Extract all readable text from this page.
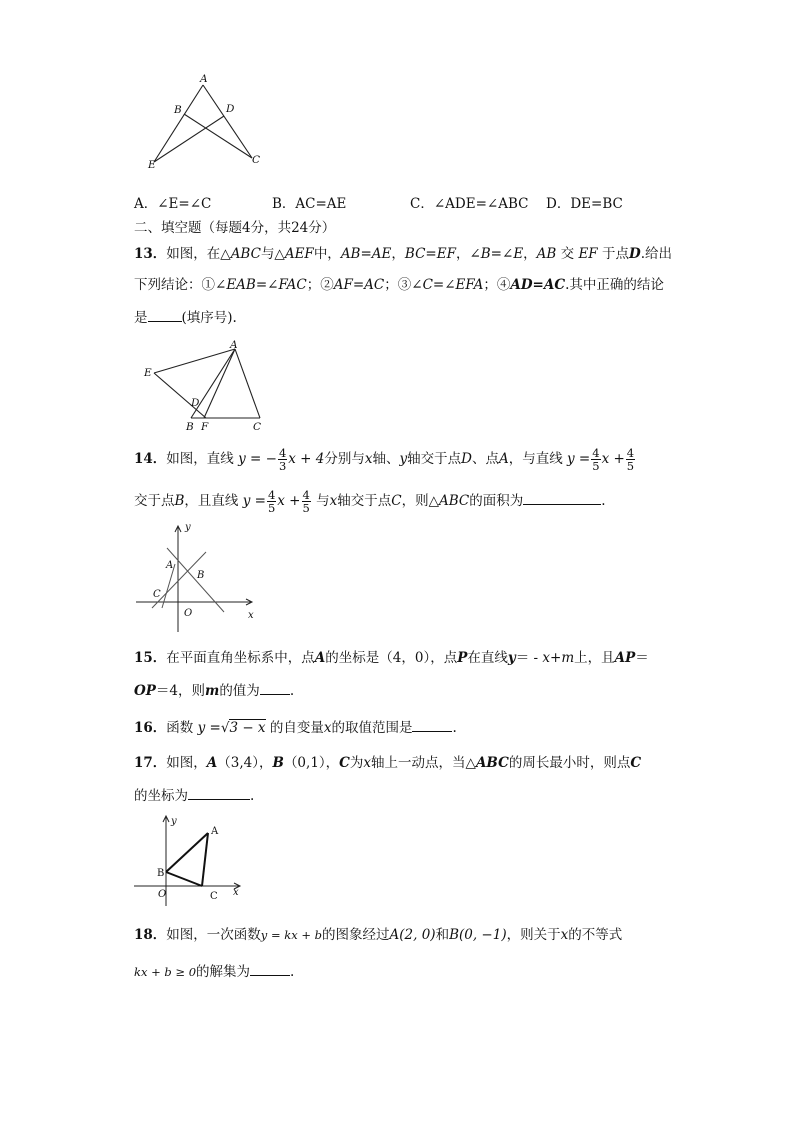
A
B	D
E	C
A．∠E=∠C	B．AC=AE	C．∠ADE=∠ABC D．DE=BC
二、填空题（每题4分，共24分）
13．如图，在△ABC与△AEF中，AB=AE，BC=EF，∠B=∠E，AB 交 EF 于点D.给出
下列结论：①∠EAB=∠FAC；②AF=AC；③∠C=∠EFA；④AD=AC.其中正确的结论
是	(填序号).
A
E
D
B F	C
14．如图，直线 y = − $\frac{4}{3}$ x + 4分别与x轴、y轴交于点D、点A，与直线 $y = \frac{4}{5}$ $x + \frac{4}{5}$
交于点B，且直线 $y = \frac{4}{5}$ $x + \frac{4}{5}$ 与x轴交于点C，则△ABC的面积为	.
y
A
B
C
O	x
15．在平面直角坐标系中，点A的坐标是（4，0），点P在直线y＝ - x+m上，且AP＝
OP＝4，则m的值为 .
16．函数 y =√3 − x 的自变量x的取值范围是	.
17．如图，A（3,4），B（0,1），C为x轴上一动点，当△ABC的周长最小时，则点C
的坐标为	.
y
A
B
O	C x
18．如图，一次函数y = kx + b的图象经过A(2, 0)和B(0, −1)，则关于x的不等式
kx + b ≥ 0的解集为	.
